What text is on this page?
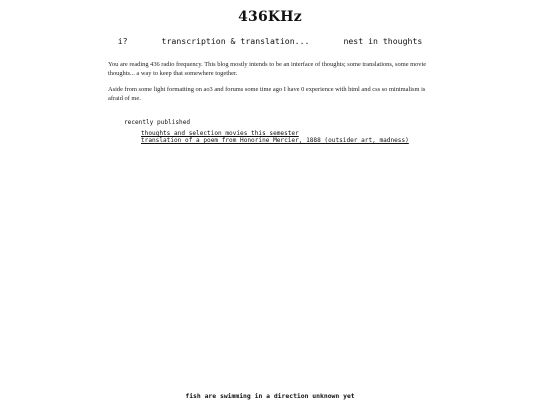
436KHz
i?	transcription & translation...	nest in thoughts

You are reading 436 radio frequency. This blog mostly intends to be an interface of thoughts; some translations, some movie thoughts... a way to keep that somewhere together.

Aside from some light formatting on ao3 and forums some time ago I have 0 experience with html and css so minimalism is afraid of me.

recently published
thoughts and selection movies this semester
translation of a poem from Honorine Mercier, 1888 (outsider art, madness)
fish are swimming in a direction unknown yet
